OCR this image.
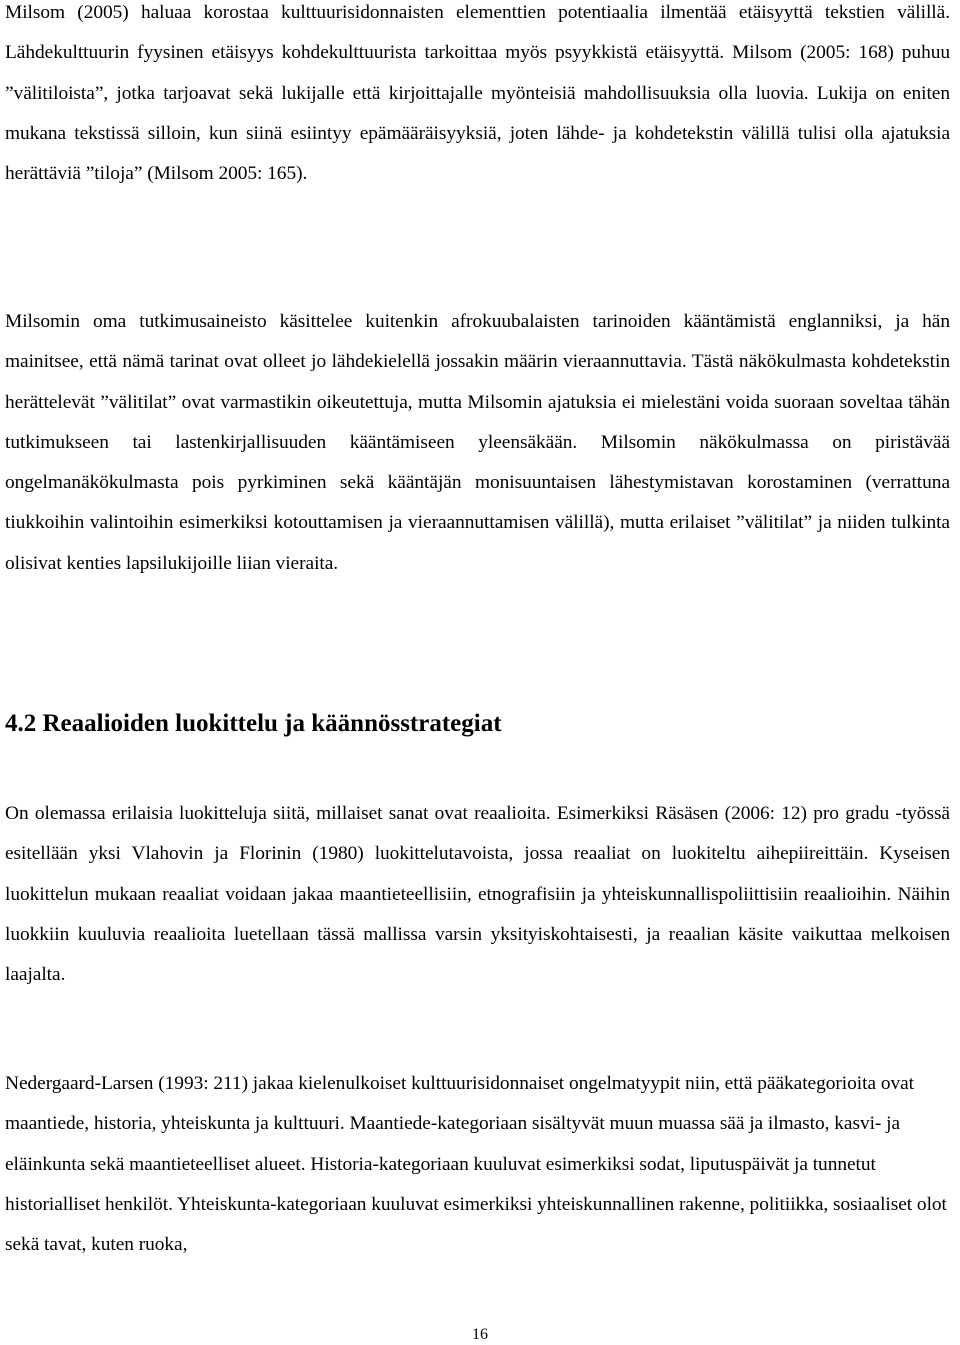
Milsom (2005) haluaa korostaa kulttuurisidonnaisten elementtien potentiaalia ilmentää etäisyyttä tekstien välillä. Lähdekulttuurin fyysinen etäisyys kohdekulttuurista tarkoittaa myös psyykkistä etäisyyttä. Milsom (2005: 168) puhuu ”välitiloista”, jotka tarjoavat sekä lukijalle että kirjoittajalle myönteisiä mahdollisuuksia olla luovia. Lukija on eniten mukana tekstissä silloin, kun siinä esiintyy epämääräisyyksiä, joten lähde- ja kohdetekstin välillä tulisi olla ajatuksia herättäviä ”tiloja” (Milsom 2005: 165).

Milsomin oma tutkimusaineisto käsittelee kuitenkin afrokuubalaisten tarinoiden kääntämistä englanniksi, ja hän mainitsee, että nämä tarinat ovat olleet jo lähdekielellä jossakin määrin vieraannuttavia. Tästä näkökulmasta kohdetekstin herättelevät ”välitilat” ovat varmastikin oikeutettuja, mutta Milsomin ajatuksia ei mielestäni voida suoraan soveltaa tähän tutkimukseen tai lastenkirjallisuuden kääntämiseen yleensäkään. Milsomin näkökulmassa on piristävää ongelmanäkökulmasta pois pyrkiminen sekä kääntäjän monisuuntaisen lähestymistavan korostaminen (verrattuna tiukkoihin valintoihin esimerkiksi kotouttamisen ja vieraannuttamisen välillä), mutta erilaiset ”välitilat” ja niiden tulkinta olisivat kenties lapsilukijoille liian vieraita.

4.2 Reaalioiden luokittelu ja käännösstrategiat

On olemassa erilaisia luokitteluja siitä, millaiset sanat ovat reaalioita. Esimerkiksi Räsäsen (2006: 12) pro gradu -työssä esitellään yksi Vlahovin ja Florinin (1980) luokittelutavoista, jossa reaaliat on luokiteltu aihepiireittäin. Kyseisen luokittelun mukaan reaaliat voidaan jakaa maantieteellisiin, etnografisiin ja yhteiskunnallispoliittisiin reaalioihin. Näihin luokkiin kuuluvia reaalioita luetellaan tässä mallissa varsin yksityiskohtaisesti, ja reaalian käsite vaikuttaa melkoisen laajalta.

Nedergaard-Larsen (1993: 211) jakaa kielenulkoiset kulttuurisidonnaiset ongelmatyypit niin, että pääkategorioita ovat maantiede, historia, yhteiskunta ja kulttuuri. Maantiede-kategoriaan sisältyvät muun muassa sää ja ilmasto, kasvi- ja eläinkunta sekä maantieteelliset alueet. Historia-kategoriaan kuuluvat esimerkiksi sodat, liputuspäivät ja tunnetut historialliset henkilöt. Yhteiskunta-kategoriaan kuuluvat esimerkiksi yhteiskunnallinen rakenne, politiikka, sosiaaliset olot sekä tavat, kuten ruoka,

16
